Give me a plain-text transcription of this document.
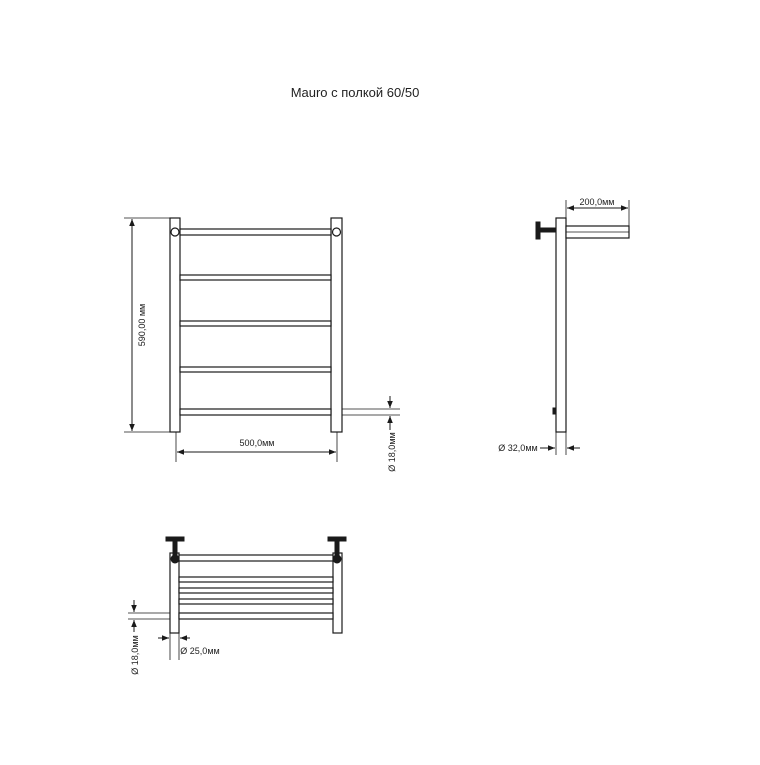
Mauro с полкой 60/50
590,00 мм
500,0мм	Ø 18,0мм
200,0мм
Ø 32,0мм
Ø 18,0мм	Ø 25,0мм
